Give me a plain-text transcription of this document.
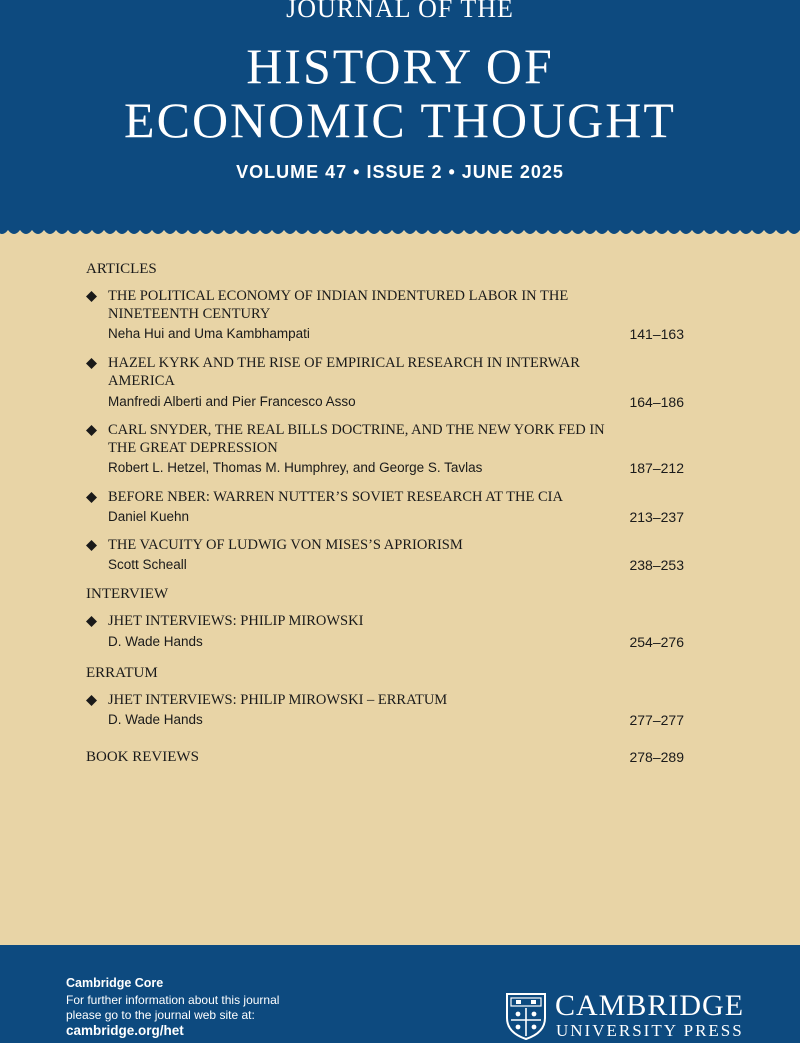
JOURNAL OF THE
HISTORY OF
ECONOMIC THOUGHT
VOLUME 47 • ISSUE 2 • JUNE 2025
ARTICLES
THE POLITICAL ECONOMY OF INDIAN INDENTURED LABOR IN THE NINETEENTH CENTURY
Neha Hui and Uma Kambhampati	141–163
HAZEL KYRK AND THE RISE OF EMPIRICAL RESEARCH IN INTERWAR AMERICA
Manfredi Alberti and Pier Francesco Asso	164–186
CARL SNYDER, THE REAL BILLS DOCTRINE, AND THE NEW YORK FED IN THE GREAT DEPRESSION
Robert L. Hetzel, Thomas M. Humphrey, and George S. Tavlas	187–212
BEFORE NBER: WARREN NUTTER’S SOVIET RESEARCH AT THE CIA
Daniel Kuehn	213–237
THE VACUITY OF LUDWIG VON MISES’S APRIORISM
Scott Scheall	238–253
INTERVIEW
JHET INTERVIEWS: PHILIP MIROWSKI
D. Wade Hands	254–276
ERRATUM
JHET INTERVIEWS: PHILIP MIROWSKI – ERRATUM
D. Wade Hands	277–277
BOOK REVIEWS	278–289
Cambridge Core
For further information about this journal
please go to the journal web site at:
cambridge.org/het
CAMBRIDGE
UNIVERSITY PRESS
